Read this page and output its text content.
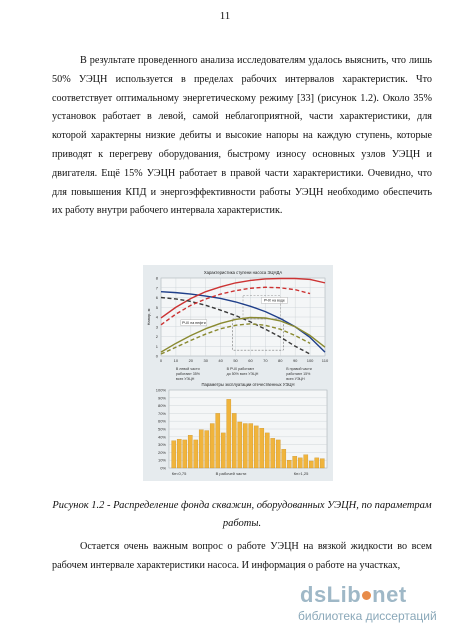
11

В результате проведенного анализа исследователям удалось выяснить, что лишь 50% УЭЦН используется в пределах рабочих интервалов характеристик. Что соответствует оптимальному энергетическому режиму [33] (рисунок 1.2). Около 35% установок работает в левой, самой неблагоприятной, части характеристики, для которой характерны низкие дебиты и высокие напоры на каждую ступень, которые приводят к перегреву оборудования, быстрому износу основных узлов УЭЦН и двигателя. Ещё 15% УЭЦН работает в правой части характеристики. Очевидно, что для повышения КПД и энергоэффективности работы УЭЦН необходимо обеспечить их работу внутри рабочего интервала характеристик.

0
1
2
3
4
5
6
7
8
0	10	20	30	40	50	60	70	80	90 100 110
Характеристика ступени насоса ЭЦНДА
Напор, м
РЧХ на воде
РЧХ на нефти
В левой части
работают 35%
всех УЭЦН
В РЧХ работают
до 50% всех УЭЦН
В правой части
работают 15%
всех УЭЦН
Параметры эксплуатации отечественных УЭЦН
0%
10%
20%
30%
40%
50%
60%
70%
80%
90%
100%
Кп<0,75	В рабочей части	Кп>1,25
Рисунок 1.2 - Распределение фонда скважин, оборудованных УЭЦН, по параметрам работы.

Остается очень важным вопрос о работе УЭЦН на вязкой жидкости во всем рабочем интервале характеристики насоса. И информация о работе на участках,

dsLib net
библиотека диссертаций
